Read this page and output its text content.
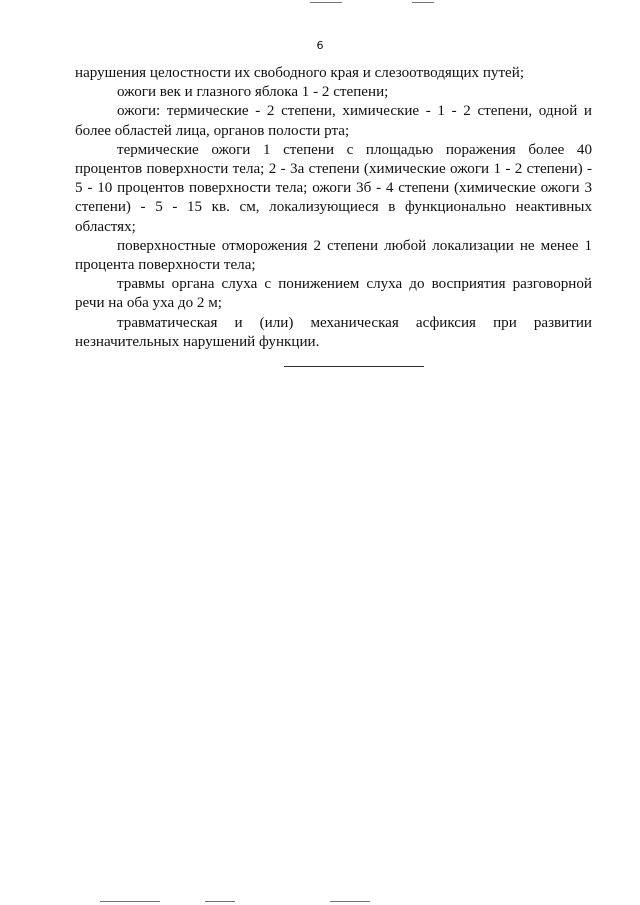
6

нарушения целостности их свободного края и слезоотводящих путей;

ожоги век и глазного яблока 1 - 2 степени;

ожоги: термические - 2 степени, химические - 1 - 2 степени, одной и более областей лица, органов полости рта;

термические ожоги 1 степени с площадью поражения более 40 процентов поверхности тела; 2 - 3а степени (химические ожоги 1 - 2 степени) - 5 - 10 процентов поверхности тела; ожоги 3б - 4 степени (химические ожоги 3 степени) - 5 - 15 кв. см, локализующиеся в функционально неактивных областях;

поверхностные отморожения 2 степени любой локализации не менее 1 процента поверхности тела;

травмы органа слуха с понижением слуха до восприятия разговорной речи на оба уха до 2 м;

травматическая и (или) механическая асфиксия при развитии незначительных нарушений функции.
